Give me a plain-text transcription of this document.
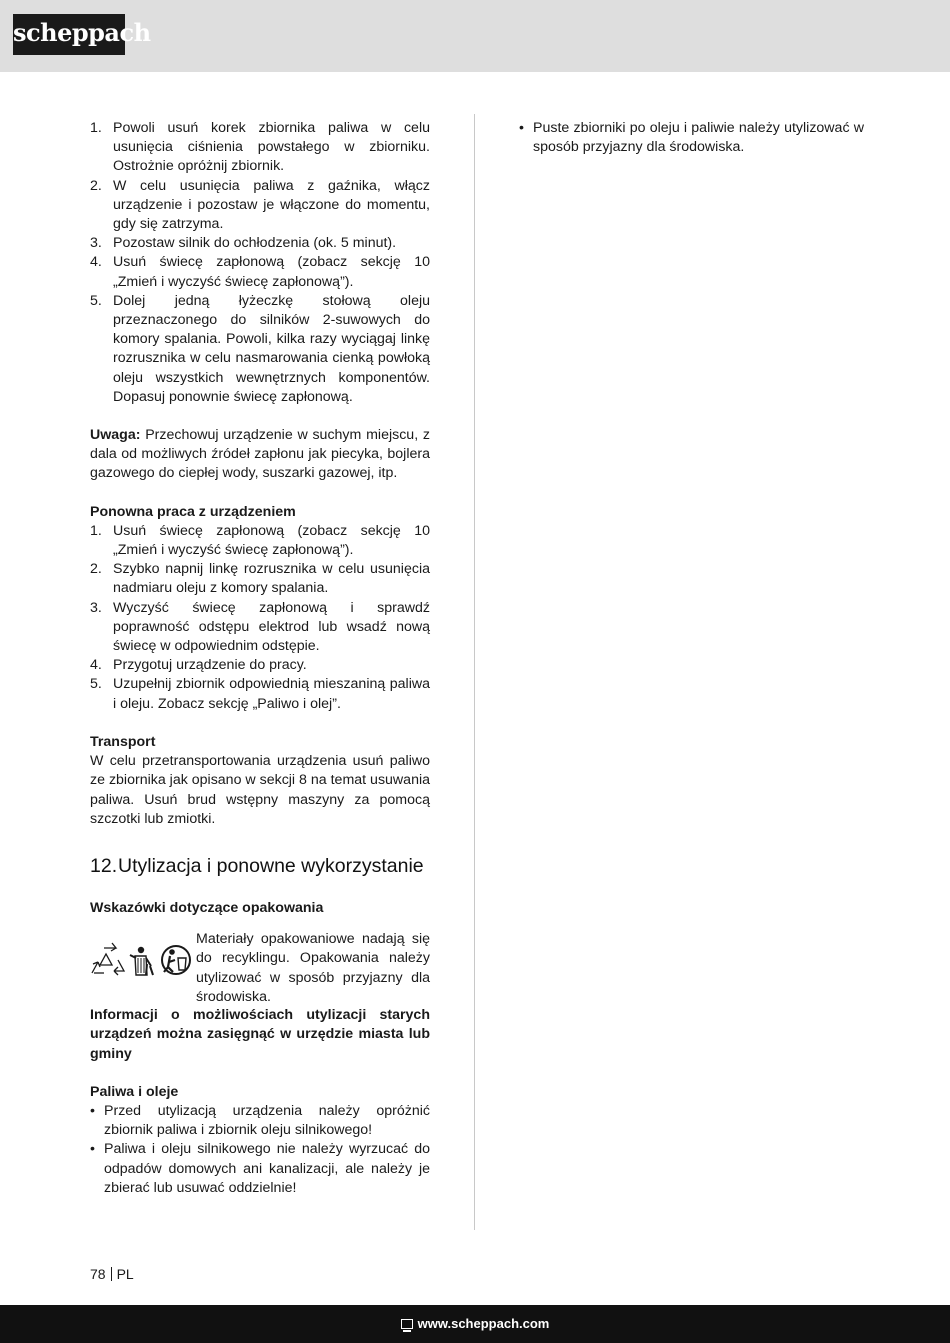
scheppach
1. Powoli usuń korek zbiornika paliwa w celu usunięcia ciśnienia powstałego w zbiorniku. Ostrożnie opróżnij zbiornik.
2. W celu usunięcia paliwa z gaźnika, włącz urządzenie i pozostaw je włączone do momentu, gdy się zatrzyma.
3. Pozostaw silnik do ochłodzenia (ok. 5 minut).
4. Usuń świecę zapłonową (zobacz sekcję 10 „Zmień i wyczyść świecę zapłonową”).
5. Dolej jedną łyżeczkę stołową oleju przeznaczonego do silników 2-suwowych do komory spalania. Powoli, kilka razy wyciągaj linkę rozrusznika w celu nasmarowania cienką powłoką oleju wszystkich wewnętrznych komponentów. Dopasuj ponownie świecę zapłonową.

Uwaga: Przechowuj urządzenie w suchym miejscu, z dala od możliwych źródeł zapłonu jak piecyka, bojlera gazowego do ciepłej wody, suszarki gazowej, itp.

Ponowna praca z urządzeniem

1. Usuń świecę zapłonową (zobacz sekcję 10 „Zmień i wyczyść świecę zapłonową”).
2. Szybko napnij linkę rozrusznika w celu usunięcia nadmiaru oleju z komory spalania.
3. Wyczyść świecę zapłonową i sprawdź poprawność odstępu elektrod lub wsadź nową świecę w odpowiednim odstępie.
4. Przygotuj urządzenie do pracy.
5. Uzupełnij zbiornik odpowiednią mieszaniną paliwa i oleju. Zobacz sekcję „Paliwo i olej”.

Transport

W celu przetransportowania urządzenia usuń paliwo ze zbiornika jak opisano w sekcji 8 na temat usuwania paliwa. Usuń brud wstępny maszyny za pomocą szczotki lub zmiotki.

12. Utylizacja i ponowne wykorzystanie

Wskazówki dotyczące opakowania

Materiały opakowaniowe nadają się do recyklingu. Opakowania należy utylizować w sposób przyjazny dla środowiska.

Informacji o możliwościach utylizacji starych urządzeń można zasięgnąć w urzędzie miasta lub gminy

Paliwa i oleje

• Przed utylizacją urządzenia należy opróżnić zbiornik paliwa i zbiornik oleju silnikowego!
• Paliwa i oleju silnikowego nie należy wyrzucać do odpadów domowych ani kanalizacji, ale należy je zbierać lub usuwać oddzielnie!
• Puste zbiorniki po oleju i paliwie należy utylizować w sposób przyjazny dla środowiska.
78 PL
www.scheppach.com
